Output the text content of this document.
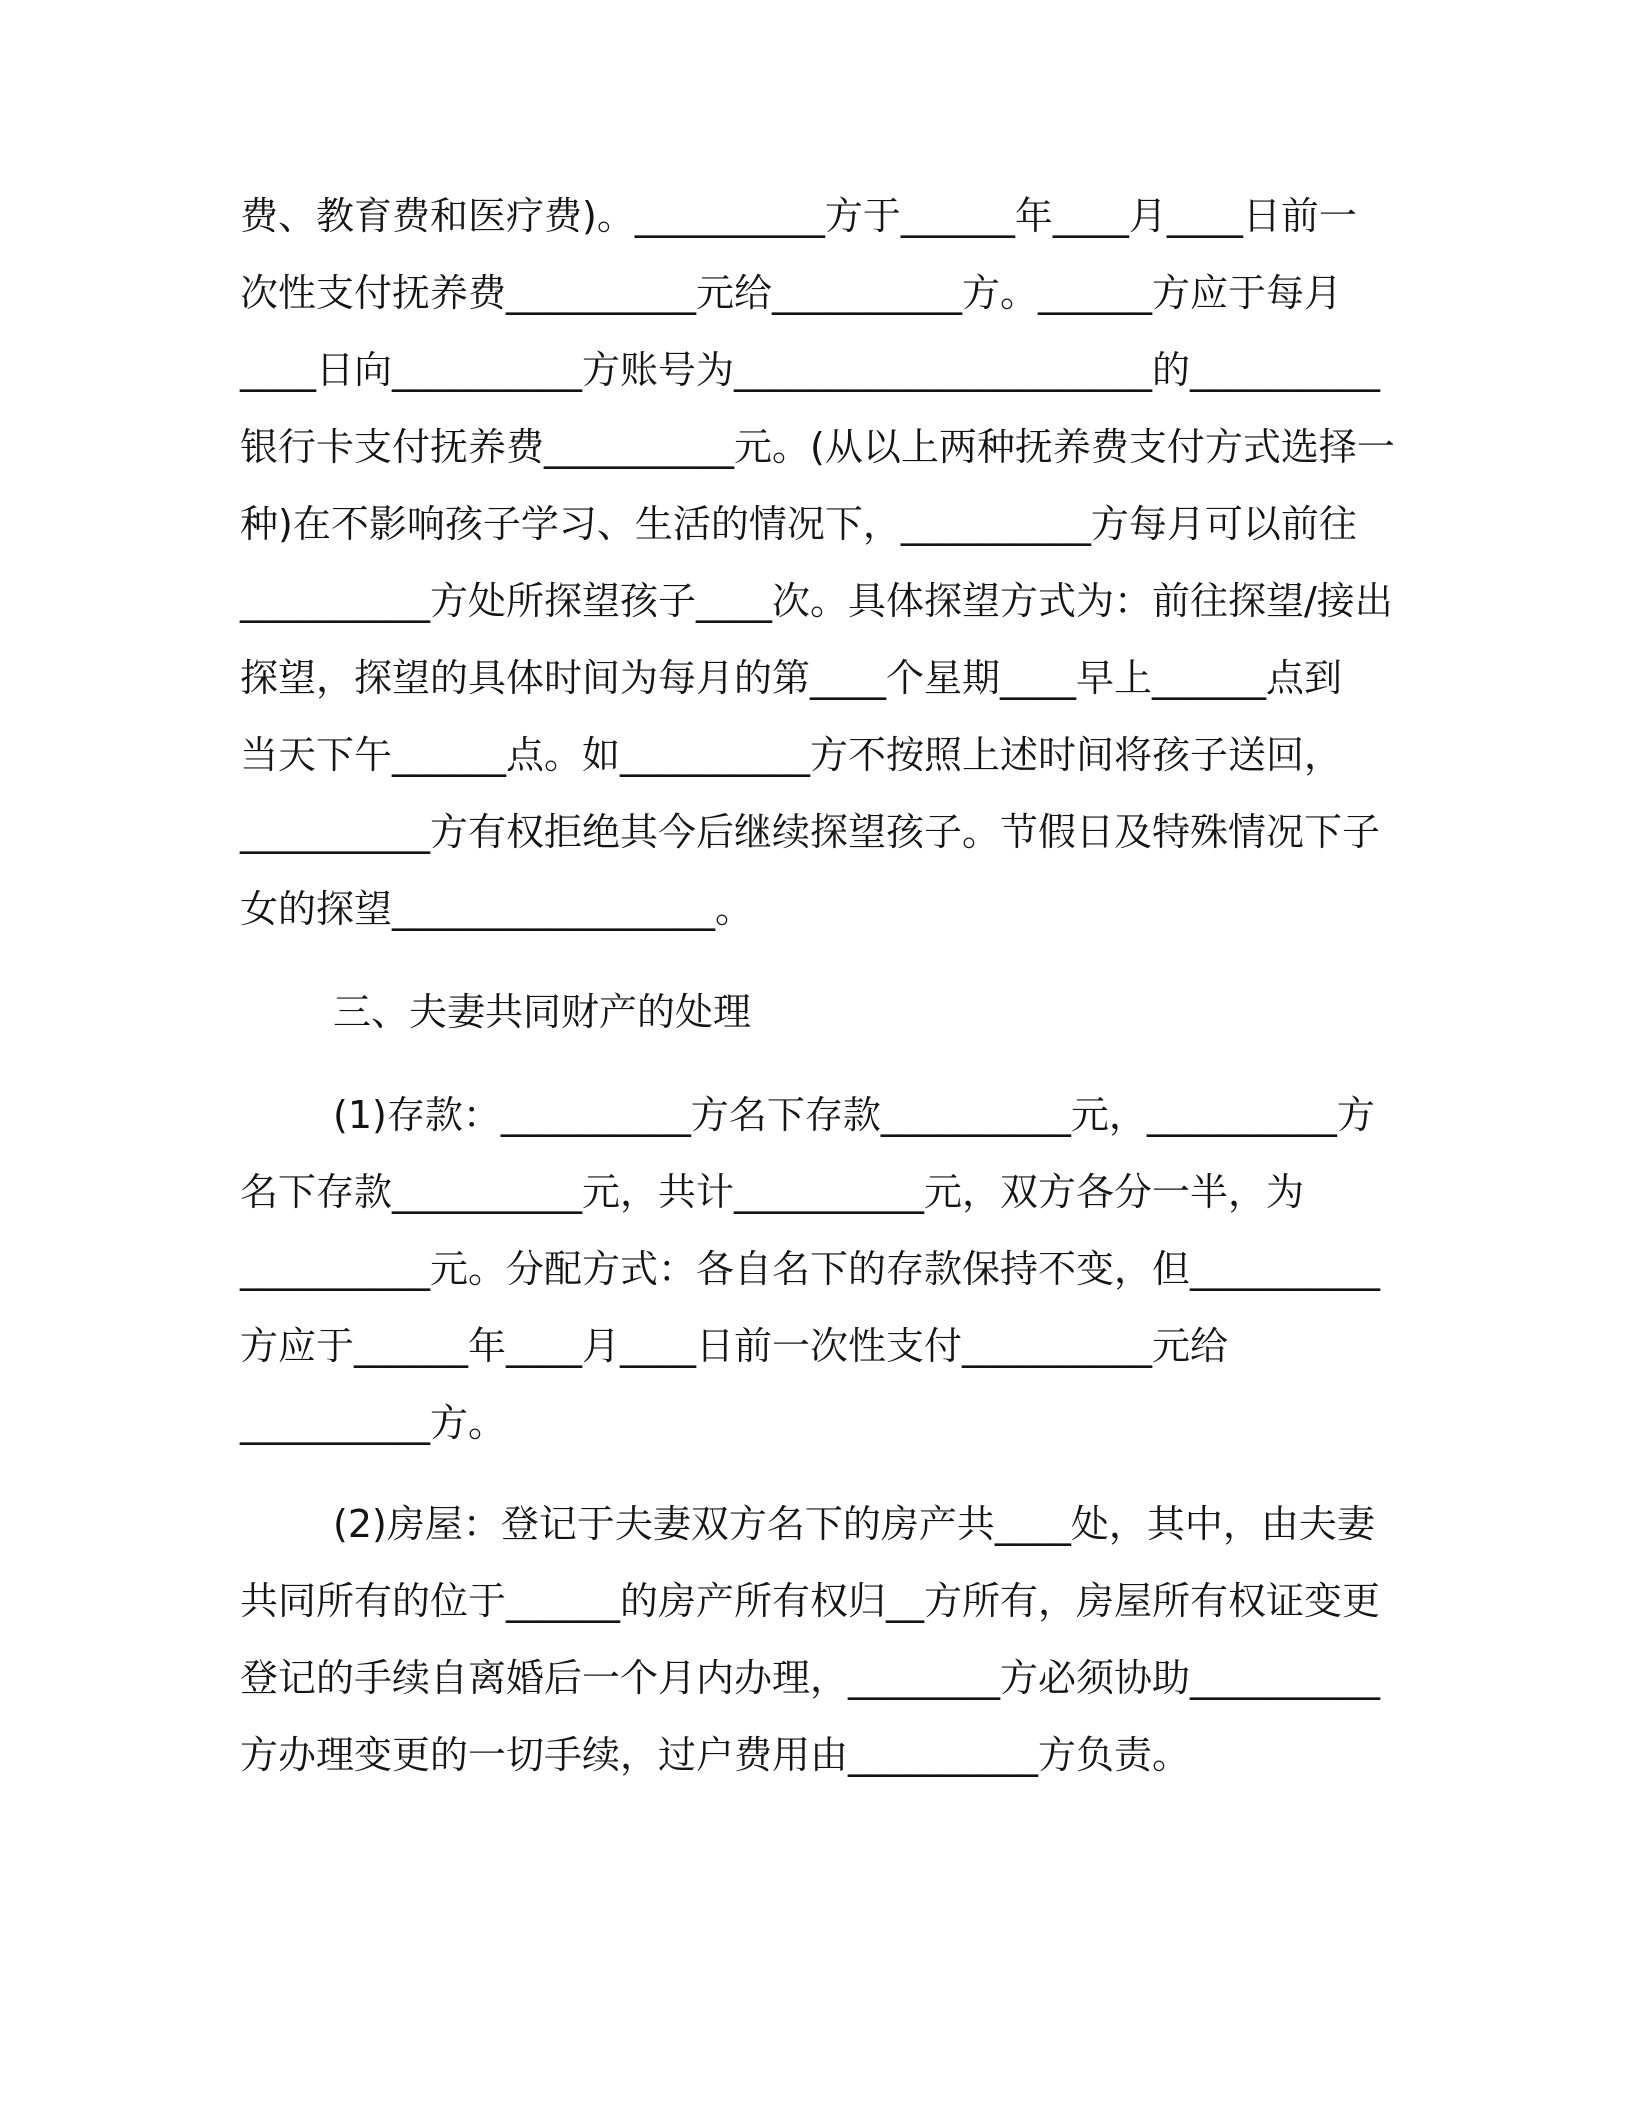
费、教育费和医疗费)。__________方于______年____月____日前一
次性支付抚养费__________元给__________方。______方应于每月
____日向__________方账号为______________________的__________
银行卡支付抚养费__________元。(从以上两种抚养费支付方式选择一
种)在不影响孩子学习、生活的情况下，__________方每月可以前往
__________方处所探望孩子____次。具体探望方式为：前往探望/接出
探望，探望的具体时间为每月的第____个星期____早上______点到
当天下午______点。如__________方不按照上述时间将孩子送回，
__________方有权拒绝其今后继续探望孩子。节假日及特殊情况下子
女的探望_________________。
三、夫妻共同财产的处理
(1)存款：__________方名下存款__________元，__________方
名下存款__________元，共计__________元，双方各分一半，为
__________元。分配方式：各自名下的存款保持不变，但__________
方应于______年____月____日前一次性支付__________元给
__________方。
(2)房屋：登记于夫妻双方名下的房产共____处，其中，由夫妻
共同所有的位于______的房产所有权归__方所有，房屋所有权证变更
登记的手续自离婚后一个月内办理，________方必须协助__________
方办理变更的一切手续，过户费用由__________方负责。
